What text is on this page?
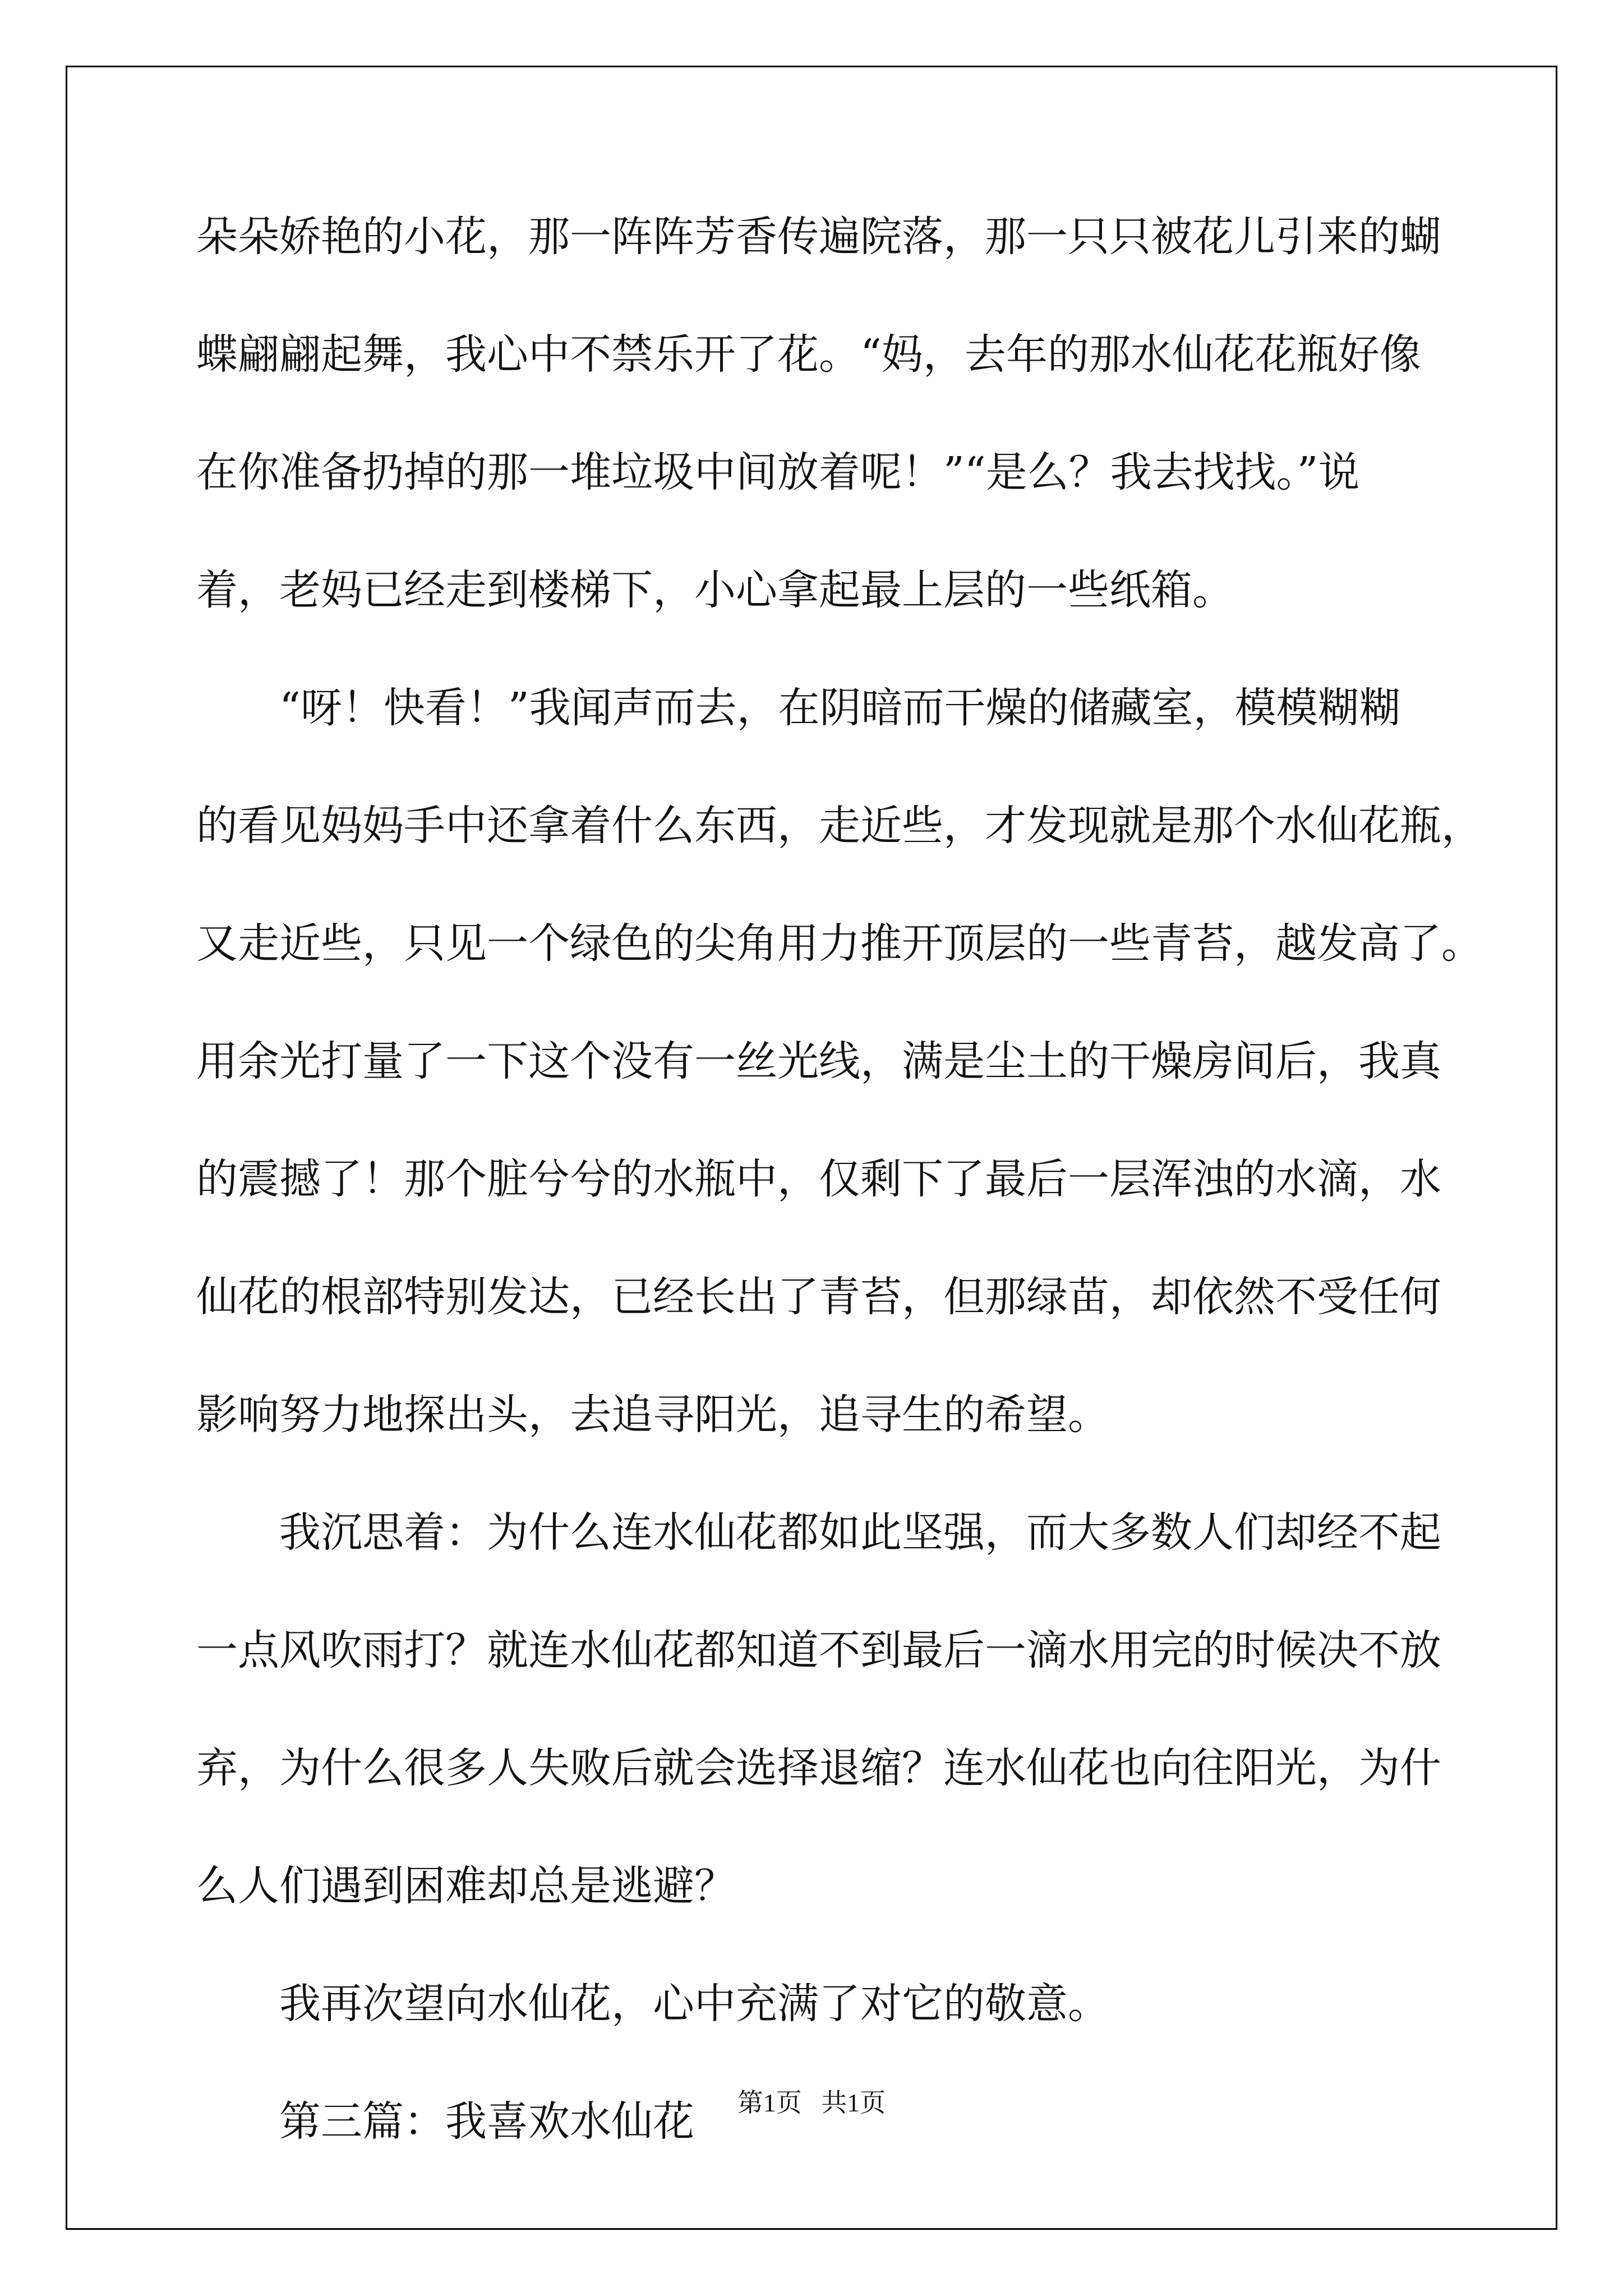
朵朵娇艳的小花，那一阵阵芳香传遍院落，那一只只被花儿引来的蝴
蝶翩翩起舞，我心中不禁乐开了花。“妈，去年的那水仙花花瓶好像
在你准备扔掉的那一堆垃圾中间放着呢！”“是么？我去找找。”说
着，老妈已经走到楼梯下，小心拿起最上层的一些纸箱。
“呀！快看！”我闻声而去，在阴暗而干燥的储藏室，模模糊糊
的看见妈妈手中还拿着什么东西，走近些，才发现就是那个水仙花瓶，
又走近些，只见一个绿色的尖角用力推开顶层的一些青苔，越发高了。
用余光打量了一下这个没有一丝光线，满是尘土的干燥房间后，我真
的震撼了！那个脏兮兮的水瓶中，仅剩下了最后一层浑浊的水滴，水
仙花的根部特别发达，已经长出了青苔，但那绿苗，却依然不受任何
影响努力地探出头，去追寻阳光，追寻生的希望。
我沉思着：为什么连水仙花都如此坚强，而大多数人们却经不起
一点风吹雨打？就连水仙花都知道不到最后一滴水用完的时候决不放
弃，为什么很多人失败后就会选择退缩？连水仙花也向往阳光，为什
么人们遇到困难却总是逃避？
我再次望向水仙花，心中充满了对它的敬意。
第三篇：我喜欢水仙花	第1页   共1页
